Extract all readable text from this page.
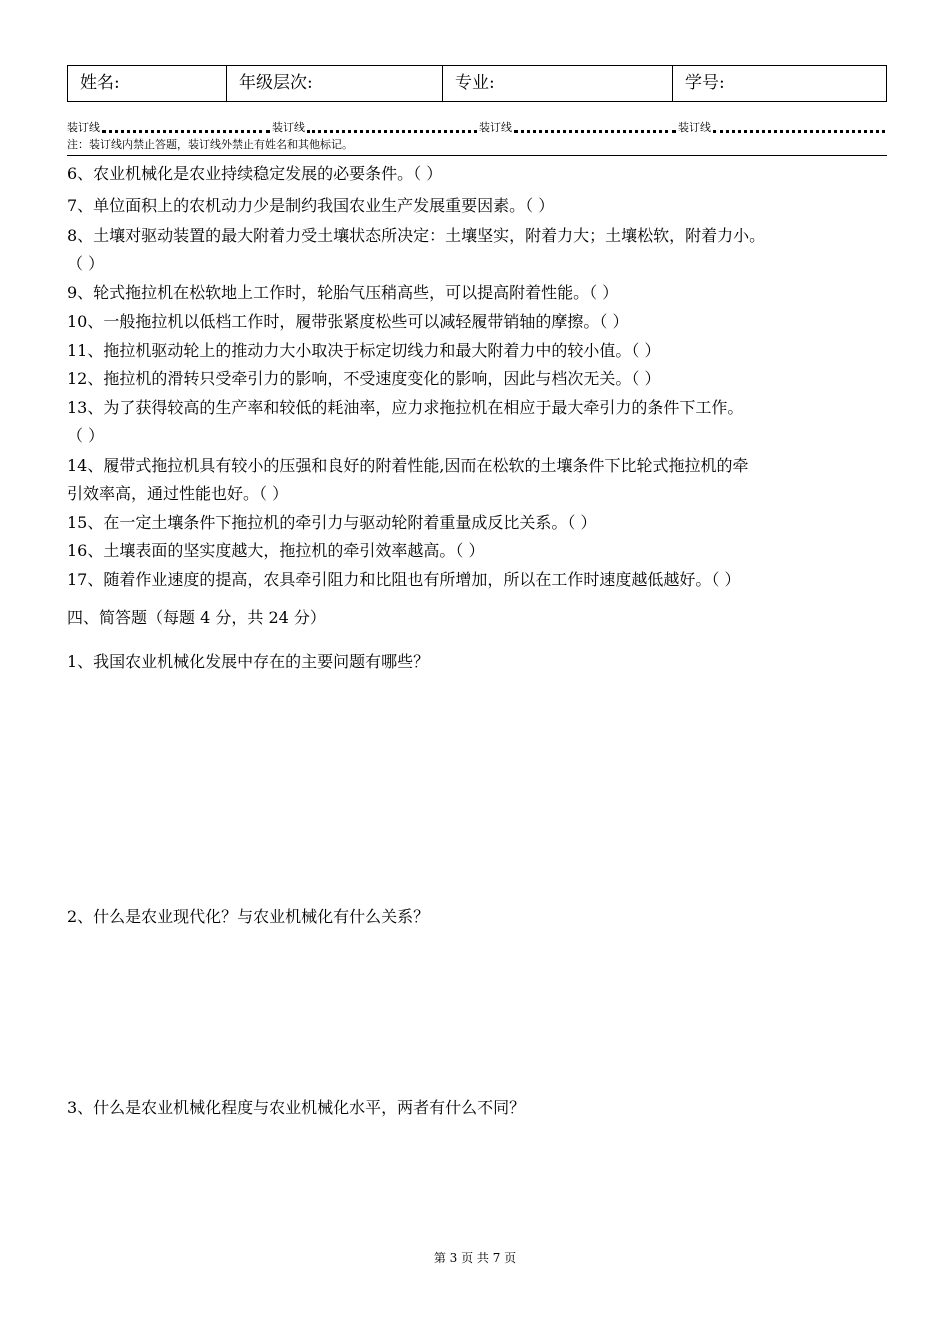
姓名:	年级层次:	专业:	学号:
装订线	装订线	装订线	装订线
注：装订线内禁止答题，装订线外禁止有姓名和其他标记。
6、农业机械化是农业持续稳定发展的必要条件。（ ）
7、单位面积上的农机动力少是制约我国农业生产发展重要因素。（ ）
8、土壤对驱动装置的最大附着力受土壤状态所决定：土壤坚实，附着力大；土壤松软，附着力小。
（ ）
9、轮式拖拉机在松软地上工作时，轮胎气压稍高些，可以提高附着性能。（ ）
10、一般拖拉机以低档工作时，履带张紧度松些可以减轻履带销轴的摩擦。（ ）
11、拖拉机驱动轮上的推动力大小取决于标定切线力和最大附着力中的较小值。（ ）
12、拖拉机的滑转只受牵引力的影响，不受速度变化的影响，因此与档次无关。（ ）
13、为了获得较高的生产率和较低的耗油率，应力求拖拉机在相应于最大牵引力的条件下工作。
（ ）
14、履带式拖拉机具有较小的压强和良好的附着性能,因而在松软的土壤条件下比轮式拖拉机的牵
引效率高，通过性能也好。（ ）
15、在一定土壤条件下拖拉机的牵引力与驱动轮附着重量成反比关系。（ ）
16、土壤表面的坚实度越大，拖拉机的牵引效率越高。（ ）
17、随着作业速度的提高，农具牵引阻力和比阻也有所增加，所以在工作时速度越低越好。（ ）
四、简答题（每题 4 分，共 24 分）
1、我国农业机械化发展中存在的主要问题有哪些？
2、什么是农业现代化？与农业机械化有什么关系？
3、什么是农业机械化程度与农业机械化水平，两者有什么不同？
第 3 页 共 7 页
